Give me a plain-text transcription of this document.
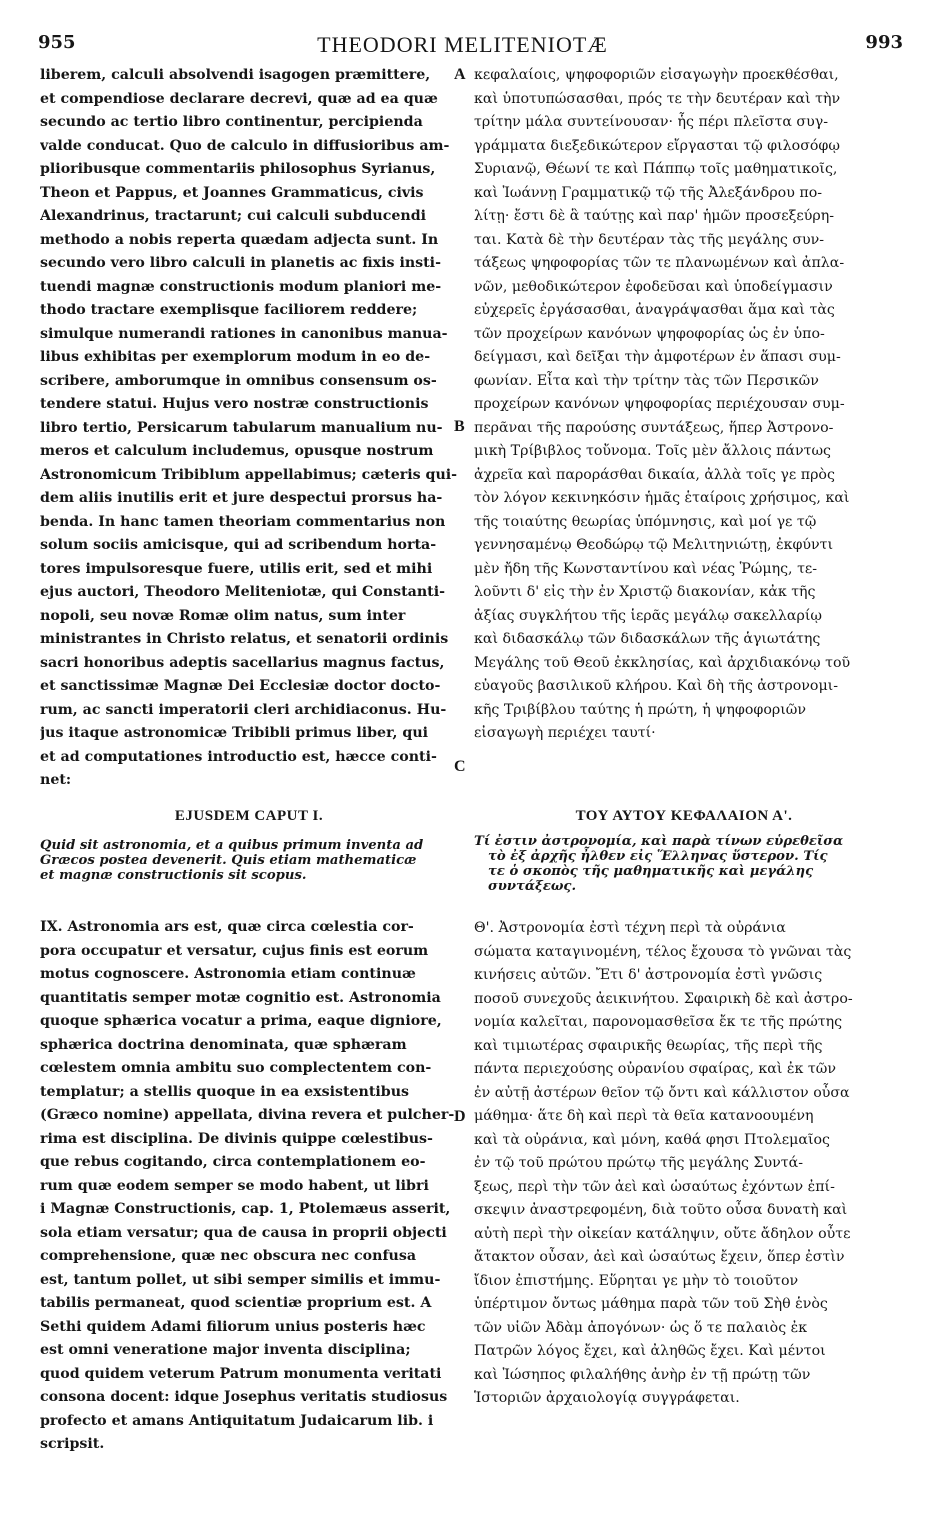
955	THEODORI MELITENIOTÆ	993
liberem, calculi absolvendi isagogen præmittere,
et compendiose declarare decrevi, quæ ad ea quæ
secundo ac tertio libro continentur, percipienda
valde conducat. Quo de calculo in diffusioribus am-
plioribusque commentariis philosophus Syrianus,
Theon et Pappus, et Joannes Grammaticus, civis
Alexandrinus, tractarunt; cui calculi subducendi
methodo a nobis reperta quædam adjecta sunt. In
secundo vero libro calculi in planetis ac fixis insti-
tuendi magnæ constructionis modum planiori me-
thodo tractare exemplisque faciliorem reddere;
simulque numerandi rationes in canonibus manua-
libus exhibitas per exemplorum modum in eo de-
scribere, amborumque in omnibus consensum os-
tendere statui. Hujus vero nostræ constructionis
libro tertio, Persicarum tabularum manualium nu-
meros et calculum includemus, opusque nostrum
Astronomicum Tribiblum appellabimus; cæteris qui-
dem aliis inutilis erit et jure despectui prorsus ha-
benda. In hanc tamen theoriam commentarius non
solum sociis amicisque, qui ad scribendum horta-
tores impulsoresque fuere, utilis erit, sed et mihi
ejus auctori, Theodoro Meliteniotæ, qui Constanti-
nopoli, seu novæ Romæ olim natus, sum inter
ministrantes in Christo relatus, et senatorii ordinis
sacri honoribus adeptis sacellarius magnus factus,
et sanctissimæ Magnæ Dei Ecclesiæ doctor docto-
rum, ac sancti imperatorii cleri archidiaconus. Hu-
jus itaque astronomicæ Tribibli primus liber, qui
et ad computationes introductio est, hæcce conti-
net:
κεφαλαίοις, ψηφοφοριῶν εἰσαγωγὴν προεκθέσθαι,
καὶ ὑποτυπώσασθαι, πρός τε τὴν δευτέραν καὶ τὴν
τρίτην μάλα συντείνουσαν· ἧς πέρι πλεῖστα συγ-
γράμματα διεξεδικώτερον εἴργασται τῷ φιλοσόφῳ
Συριανῷ, Θέωνί τε καὶ Πάππῳ τοῖς μαθηματικοῖς,
καὶ Ἰωάννῃ Γραμματικῷ τῷ τῆς Ἀλεξάνδρου πο-
λίτῃ· ἔστι δὲ ἃ ταύτῃς καὶ παρ' ἡμῶν προσεξεύρη-
ται. Κατὰ δὲ τὴν δευτέραν τὰς τῆς μεγάλης συν-
τάξεως ψηφοφορίας τῶν τε πλανωμένων καὶ ἀπλα-
νῶν, μεθοδικώτερον ἐφοδεῦσαι καὶ ὑποδείγμασιν
εὐχερεῖς ἐργάσασθαι, ἀναγράψασθαι ἅμα καὶ τὰς
τῶν προχείρων κανόνων ψηφοφορίας ὡς ἐν ὑπο-
δείγμασι, καὶ δεῖξαι τὴν ἀμφοτέρων ἐν ἅπασι συμ-
φωνίαν. Εἶτα καὶ τὴν τρίτην τὰς τῶν Περσικῶν
προχείρων κανόνων ψηφοφορίας περιέχουσαν συμ-
περᾶναι τῆς παρούσης συντάξεως, ἥπερ Ἀστρονο-
μικὴ Τρίβιβλος τοὔνομα. Τοῖς μὲν ἄλλοις πάντως
ἀχρεῖα καὶ παροράσθαι δικαία, ἀλλὰ τοῖς γε πρὸς
τὸν λόγον κεκινηκόσιν ἡμᾶς ἑταίροις χρήσιμος, καὶ
τῆς τοιαύτης θεωρίας ὑπόμνησις, καὶ μοί γε τῷ
γεννησαμένῳ Θεοδώρῳ τῷ Μελιτηνιώτῃ, ἐκφύντι
μὲν ἤδη τῆς Κωνσταντίνου καὶ νέας Ῥώμης, τε-
λοῦντι δ' εἰς τὴν ἐν Χριστῷ διακονίαν, κἀκ τῆς
ἀξίας συγκλήτου τῆς ἱερᾶς μεγάλῳ σακελλαρίῳ
καὶ διδασκάλῳ τῶν διδασκάλων τῆς ἁγιωτάτης
Μεγάλης τοῦ Θεοῦ ἐκκλησίας, καὶ ἀρχιδιακόνῳ τοῦ
εὐαγοῦς βασιλικοῦ κλήρου. Καὶ δὴ τῆς ἀστρονομι-
κῆς Τριβίβλου ταύτης ἡ πρώτη, ἡ ψηφοφοριῶν
εἰσαγωγὴ περιέχει ταυτί·
A
B
C
D
EJUSDEM CAPUT I.	ΤΟΥ ΑΥΤΟΥ ΚΕΦΑΛΑΙΟΝ Α'.
Quid sit astronomia, et a quibus primum inventa ad
Græcos postea devenerit. Quis etiam mathematicæ
et magnæ constructionis sit scopus.
Τί ἐστιν ἀστρονομία, καὶ παρὰ τίνων εὑρεθεῖσα
τὸ ἐξ ἀρχῆς ἦλθεν εἰς Ἕλληνας ὕστερον. Τίς
τε ὁ σκοπὸς τῆς μαθηματικῆς καὶ μεγάλης
συντάξεως.
IX. Astronomia ars est, quæ circa cœlestia cor-
pora occupatur et versatur, cujus finis est eorum
motus cognoscere. Astronomia etiam continuæ
quantitatis semper motæ cognitio est. Astronomia
quoque sphærica vocatur a prima, eaque digniore,
sphærica doctrina denominata, quæ sphæram
cœlestem omnia ambitu suo complectentem con-
templatur; a stellis quoque in ea exsistentibus
(Græco nomine) appellata, divina revera et pulcher-
rima est disciplina. De divinis quippe cœlestibus-
que rebus cogitando, circa contemplationem eo-
rum quæ eodem semper se modo habent, ut libri
i Magnæ Constructionis, cap. 1, Ptolemæus asserit,
sola etiam versatur; qua de causa in proprii objecti
comprehensione, quæ nec obscura nec confusa
est, tantum pollet, ut sibi semper similis et immu-
tabilis permaneat, quod scientiæ proprium est. A
Sethi quidem Adami filiorum unius posteris hæc
est omni veneratione major inventa disciplina;
quod quidem veterum Patrum monumenta veritati
consona docent: idque Josephus veritatis studiosus
profecto et amans Antiquitatum Judaicarum lib. i
scripsit.
Θ'. Ἀστρονομία ἐστὶ τέχνη περὶ τὰ οὐράνια
σώματα καταγινομένη, τέλος ἔχουσα τὸ γνῶναι τὰς
κινήσεις αὐτῶν. Ἔτι δ' ἀστρονομία ἐστὶ γνῶσις
ποσοῦ συνεχοῦς ἀεικινήτου. Σφαιρικὴ δὲ καὶ ἀστρο-
νομία καλεῖται, παρονομασθεῖσα ἔκ τε τῆς πρώτης
καὶ τιμιωτέρας σφαιρικῆς θεωρίας, τῆς περὶ τῆς
πάντα περιεχούσης οὐρανίου σφαίρας, καὶ ἐκ τῶν
ἐν αὐτῇ ἀστέρων θεῖον τῷ ὄντι καὶ κάλλιστον οὖσα
μάθημα· ἅτε δὴ καὶ περὶ τὰ θεῖα κατανοουμένη
καὶ τὰ οὐράνια, καὶ μόνη, καθά φησι Πτολεμαῖος
ἐν τῷ τοῦ πρώτου πρώτῳ τῆς μεγάλης Συντά-
ξεως, περὶ τὴν τῶν ἀεὶ καὶ ὡσαύτως ἐχόντων ἐπί-
σκεψιν ἀναστρεφομένη, διὰ τοῦτο οὖσα δυνατὴ καὶ
αὐτὴ περὶ τὴν οἰκείαν κατάληψιν, οὔτε ἄδηλον οὖτε
ἄτακτον οὖσαν, ἀεὶ καὶ ὡσαύτως ἔχειν, ὅπερ ἐστὶν
ἴδιον ἐπιστήμης. Εὕρηται γε μὴν τὸ τοιοῦτον
ὑπέρτιμον ὄντως μάθημα παρὰ τῶν τοῦ Σὴθ ἑνὸς
τῶν υἱῶν Ἀδὰμ ἀπογόνων· ὡς ὅ τε παλαιὸς ἐκ
Πατρῶν λόγος ἔχει, καὶ ἀληθῶς ἔχει. Καὶ μέντοι
καὶ Ἰώσηπος φιλαλήθης ἀνὴρ ἐν τῇ πρώτῃ τῶν
Ἱστοριῶν ἀρχαιολογίᾳ συγγράφεται.
